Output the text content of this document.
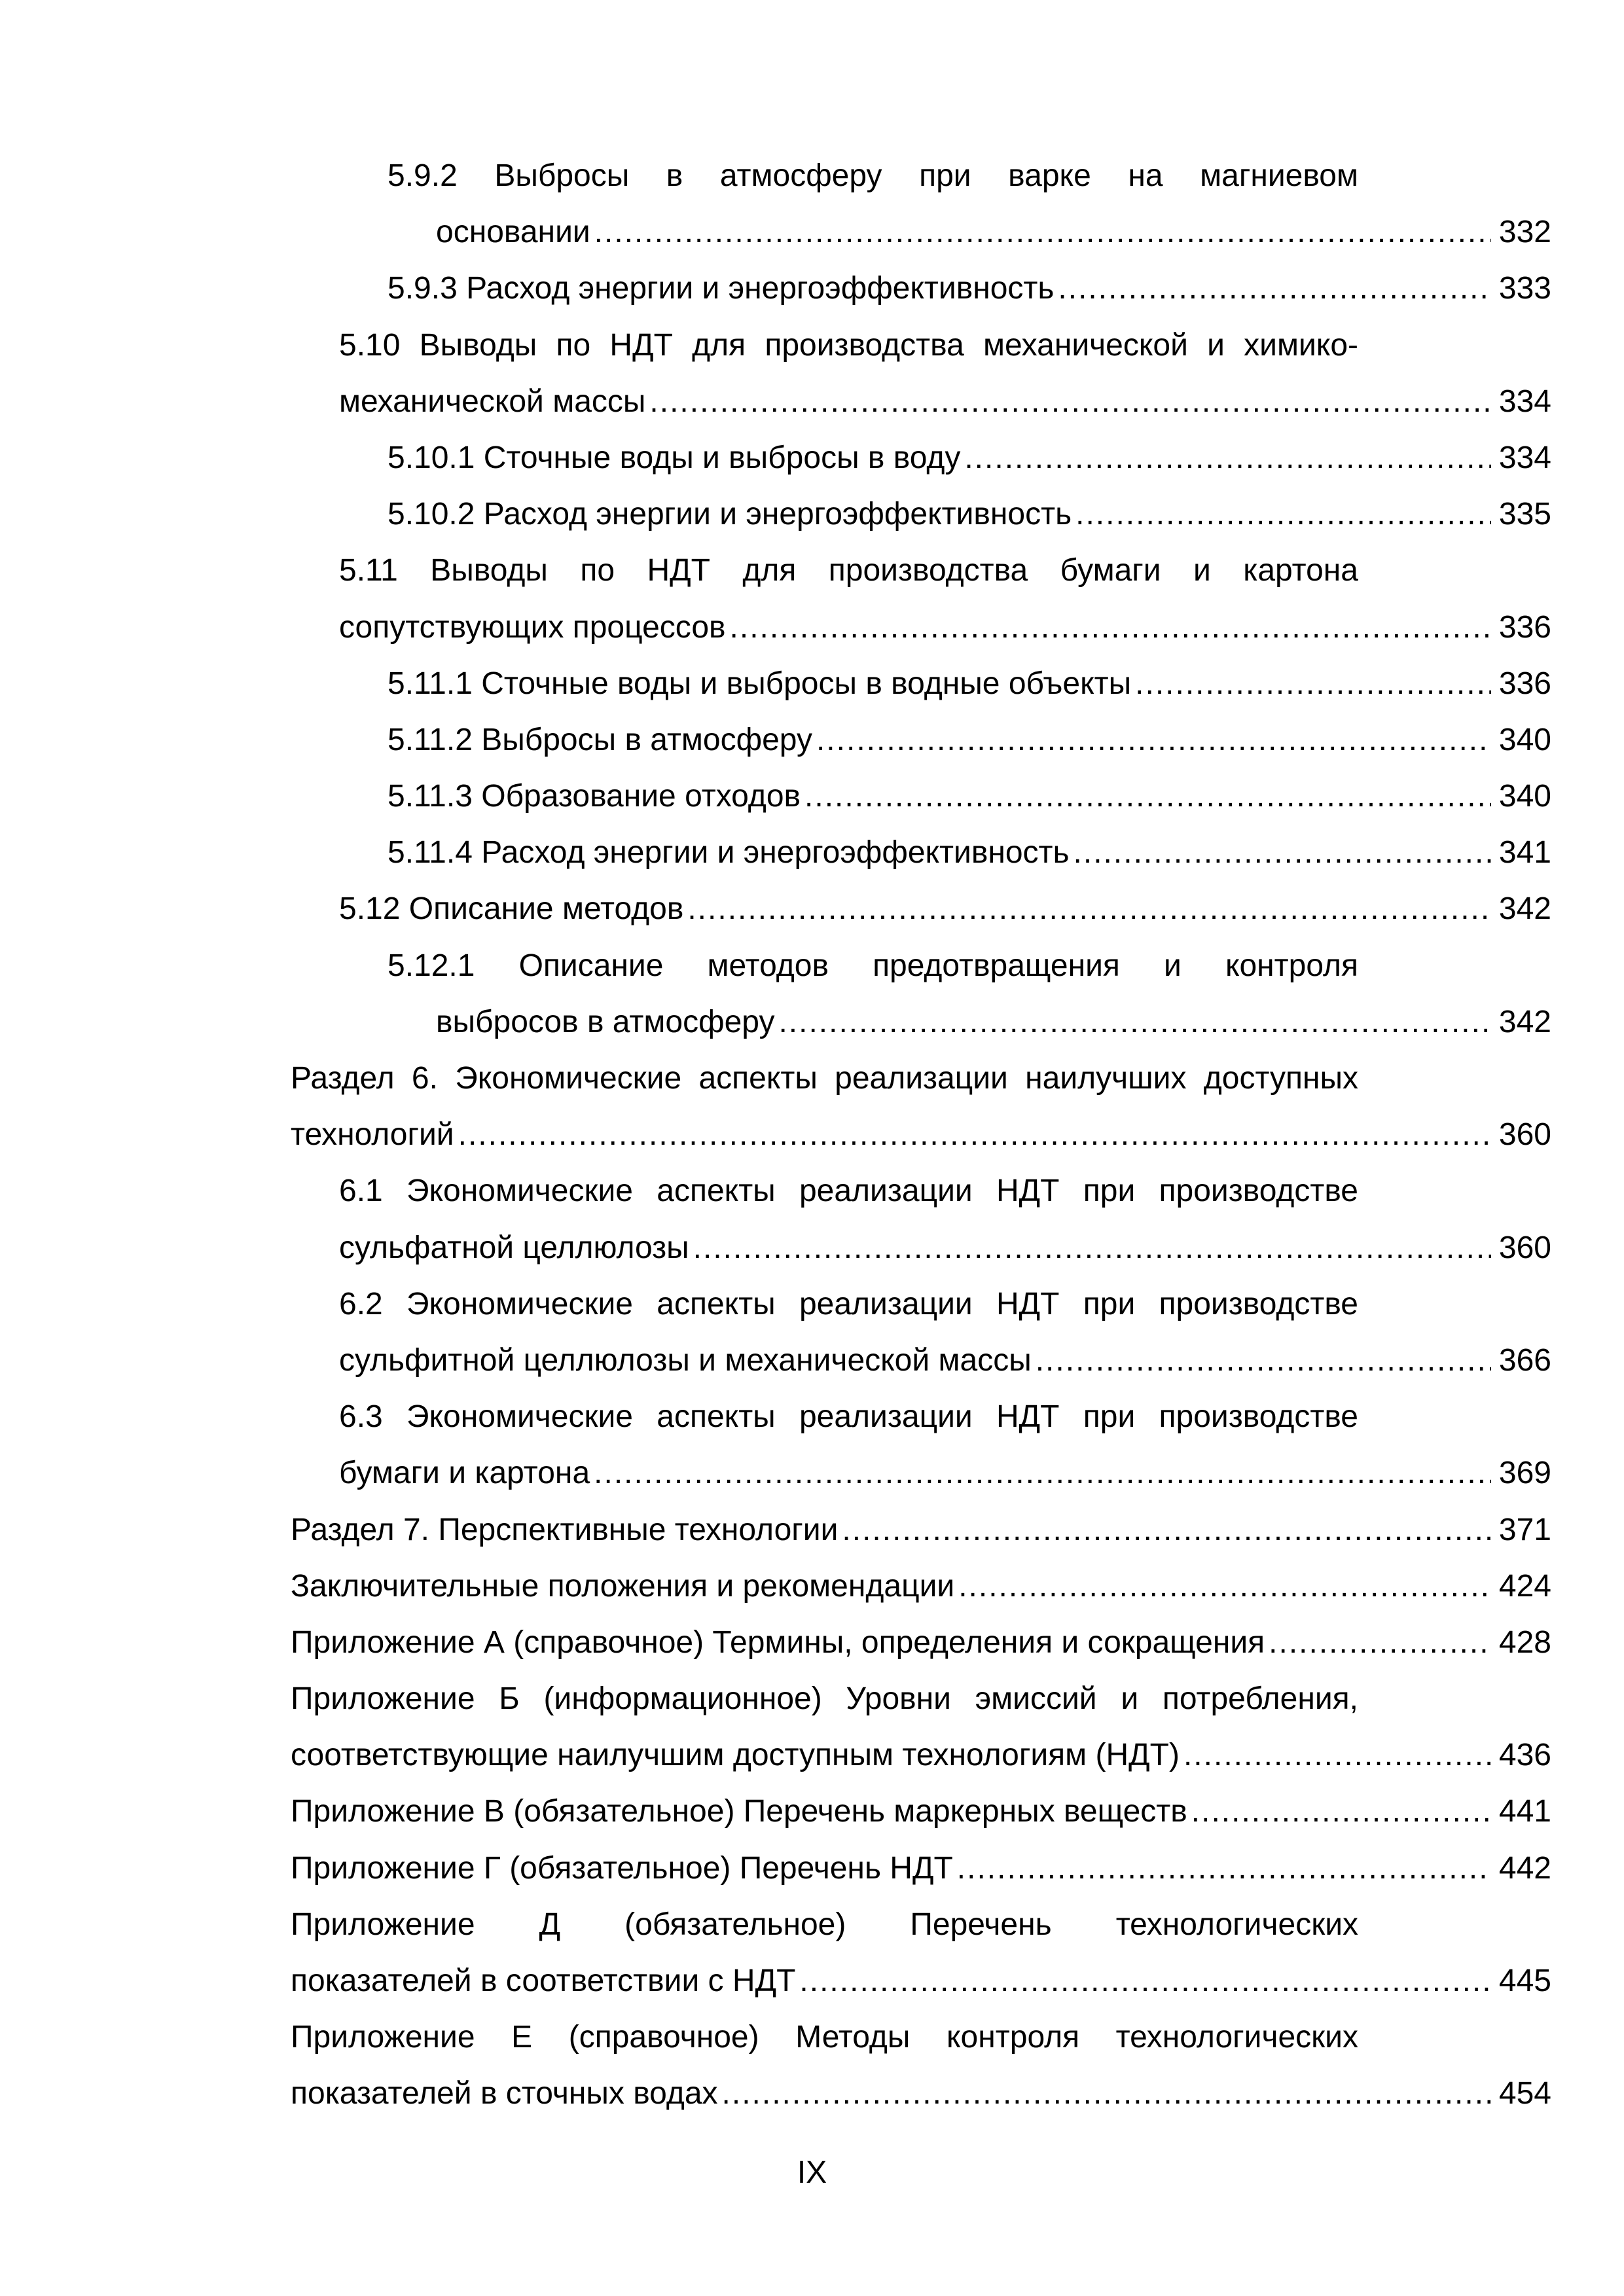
5.9.2 Выбросы в атмосферу при варке на магниевом
основании .....	332
5.9.3 Расход энергии и энергоэффективность .....	333
5.10 Выводы по НДТ для производства механической и химико-
механической массы .....	334
5.10.1 Сточные воды и выбросы в воду .....	334
5.10.2 Расход энергии и энергоэффективность .....	335
5.11 Выводы по НДТ для производства бумаги и картона
сопутствующих процессов .....	336
5.11.1 Сточные воды и выбросы в водные объекты .....	336
5.11.2 Выбросы в атмосферу .....	340
5.11.3 Образование отходов .....	340
5.11.4 Расход энергии и энергоэффективность .....	341
5.12 Описание методов .....	342
5.12.1 Описание методов предотвращения и контроля
выбросов в атмосферу .....	342
Раздел 6. Экономические аспекты реализации наилучших доступных
технологий .....	360
6.1 Экономические аспекты реализации НДТ при производстве
сульфатной целлюлозы .....	360
6.2 Экономические аспекты реализации НДТ при производстве
сульфитной целлюлозы и механической массы .....	366
6.3 Экономические аспекты реализации НДТ при производстве
бумаги и картона .....	369
Раздел 7. Перспективные технологии .....	371
Заключительные положения и рекомендации .....	424
Приложение А (справочное) Термины, определения и сокращения .....	428
Приложение Б (информационное) Уровни эмиссий и потребления,
соответствующие наилучшим доступным технологиям (НДТ) .....	436
Приложение В (обязательное) Перечень маркерных веществ .....	441
Приложение Г (обязательное) Перечень НДТ .....	442
Приложение Д (обязательное) Перечень технологических
показателей в соответствии с НДТ .....	445
Приложение Е (справочное) Методы контроля технологических
показателей в сточных водах .....	454
IX
